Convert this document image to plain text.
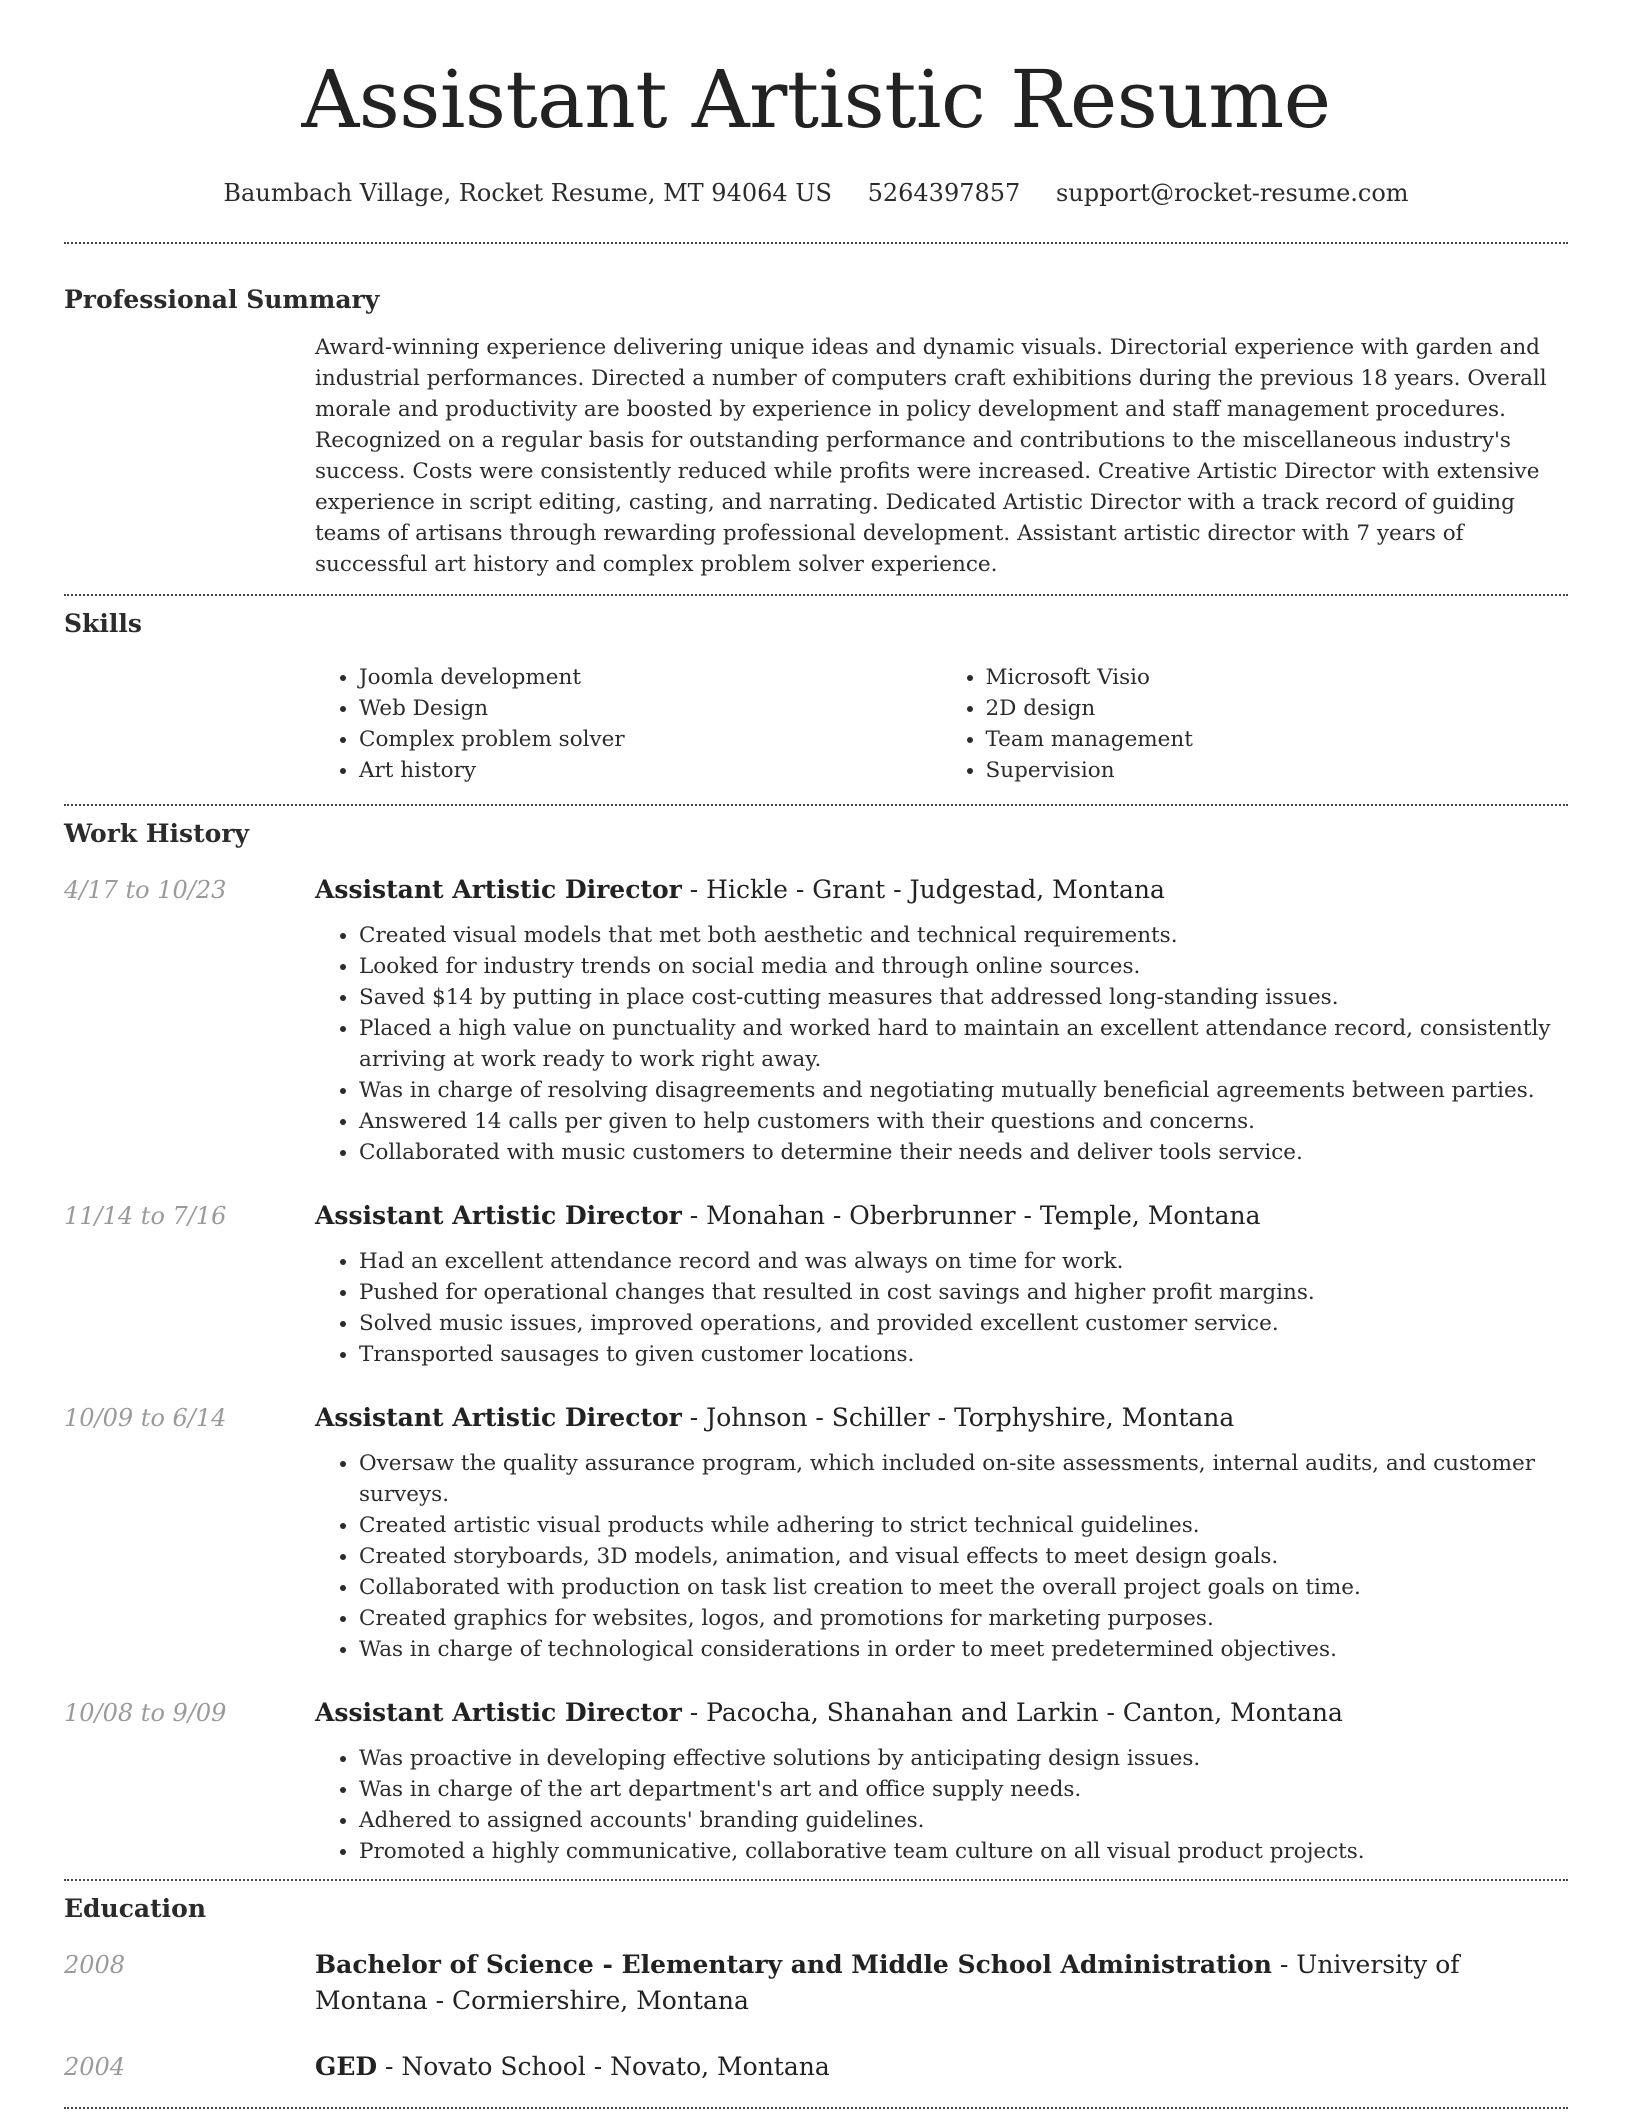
Assistant Artistic Resume
Baumbach Village, Rocket Resume, MT 94064 US 5264397857 support@rocket-resume.com
Professional Summary

Award-winning experience delivering unique ideas and dynamic visuals. Directorial experience with garden and industrial performances. Directed a number of computers craft exhibitions during the previous 18 years. Overall morale and productivity are boosted by experience in policy development and staff management procedures. Recognized on a regular basis for outstanding performance and contributions to the miscellaneous industry's success. Costs were consistently reduced while profits were increased. Creative Artistic Director with extensive experience in script editing, casting, and narrating. Dedicated Artistic Director with a track record of guiding teams of artisans through rewarding professional development. Assistant artistic director with 7 years of successful art history and complex problem solver experience.

Skills
• Joomla development
• Web Design
• Complex problem solver
• Art history
• Microsoft Visio
• 2D design
• Team management
• Supervision
Work History
4/17 to 10/23	Assistant Artistic Director - Hickle - Grant - Judgestad, Montana
• Created visual models that met both aesthetic and technical requirements.
• Looked for industry trends on social media and through online sources.
• Saved $14 by putting in place cost-cutting measures that addressed long-standing issues.
• Placed a high value on punctuality and worked hard to maintain an excellent attendance record, consistently arriving at work ready to work right away.
• Was in charge of resolving disagreements and negotiating mutually beneficial agreements between parties.
• Answered 14 calls per given to help customers with their questions and concerns.
• Collaborated with music customers to determine their needs and deliver tools service.
11/14 to 7/16	Assistant Artistic Director - Monahan - Oberbrunner - Temple, Montana
• Had an excellent attendance record and was always on time for work.
• Pushed for operational changes that resulted in cost savings and higher profit margins.
• Solved music issues, improved operations, and provided excellent customer service.
• Transported sausages to given customer locations.
10/09 to 6/14	Assistant Artistic Director - Johnson - Schiller - Torphyshire, Montana
• Oversaw the quality assurance program, which included on-site assessments, internal audits, and customer surveys.
• Created artistic visual products while adhering to strict technical guidelines.
• Created storyboards, 3D models, animation, and visual effects to meet design goals.
• Collaborated with production on task list creation to meet the overall project goals on time.
• Created graphics for websites, logos, and promotions for marketing purposes.
• Was in charge of technological considerations in order to meet predetermined objectives.
10/08 to 9/09	Assistant Artistic Director - Pacocha, Shanahan and Larkin - Canton, Montana
• Was proactive in developing effective solutions by anticipating design issues.
• Was in charge of the art department's art and office supply needs.
• Adhered to assigned accounts' branding guidelines.
• Promoted a highly communicative, collaborative team culture on all visual product projects.
Education
2008	Bachelor of Science - Elementary and Middle School Administration - University of Montana - Cormiershire, Montana
2004	GED - Novato School - Novato, Montana
